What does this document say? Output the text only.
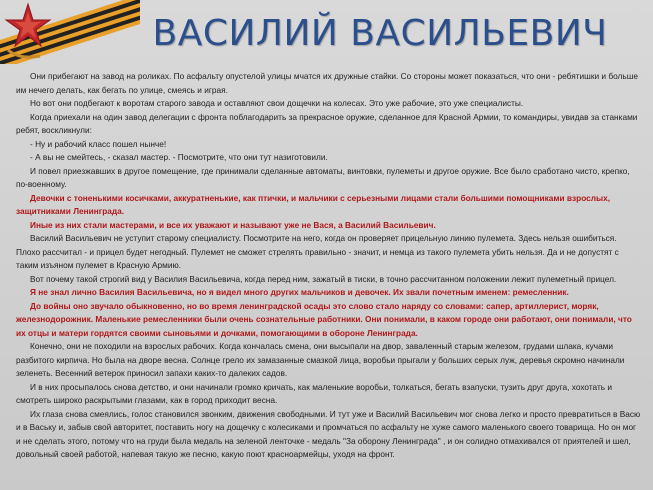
ВАСИЛИЙ ВАСИЛЬЕВИЧ

Они прибегают на завод на роликах. По асфальту опустелой улицы мчатся их дружные стайки. Со стороны может показаться, что они - ребятишки и больше им нечего делать, как бегать по улице, смеясь и играя.

Но вот они подбегают к воротам старого завода и оставляют свои дощечки на колесах. Это уже рабочие, это уже специалисты.

Когда приехали на один завод делегации с фронта поблагодарить за прекрасное оружие, сделанное для Красной Армии, то командиры, увидав за станками ребят, воскликнули:

- Ну и рабочий класс пошел нынче!

- А вы не смейтесь, - сказал мастер. - Посмотрите, что они тут назиготовили.

И повел приезжавших в другое помещение, где принимали сделанные автоматы, винтовки, пулеметы и другое оружие. Все было сработано чисто, крепко, по-военному.

Девочки с тоненькими косичками, аккуратненькие, как птички, и мальчики с серьезными лицами стали большими помощниками взрослых, защитниками Ленинграда.

Иные из них стали мастерами, и все их уважают и называют уже не Вася, а Василий Васильевич.

Василий Васильевич не уступит старому специалисту. Посмотрите на него, когда он проверяет прицельную линию пулемета. Здесь нельзя ошибиться. Плохо рассчитал - и прицел будет негодный. Пулемет не сможет стрелять правильно - значит, и немца из такого пулемета убить нельзя. Да и не допустят с таким изъяном пулемет в Красную Армию.

Вот почему такой строгий вид у Василия Васильевича, когда перед ним, зажатый в тиски, в точно рассчитанном положении лежит пулеметный прицел.

Я не знал лично Василия Васильевича, но я видел много других мальчиков и девочек. Их звали почетным именем: ремесленник.

До войны оно звучало обыкновенно, но во время ленинградской осады это слово стало наряду со словами: сапер, артиллерист, моряк, железнодорожник. Маленькие ремесленники были очень сознательные работники. Они понимали, в каком городе они работают, они понимали, что их отцы и матери гордятся своими сыновьями и дочками, помогающими в обороне Ленинграда.

Конечно, они не походили на взрослых рабочих. Когда кончалась смена, они высыпали на двор, заваленный старым железом, грудами шлака, кучами разбитого кирпича. Но была на дворе весна. Солнце грело их замазанные смазкой лица, воробьи прыгали у больших серых луж, деревья скромно начинали зеленеть. Весенний ветерок приносил запахи каких-то далеких садов.

И в них просыпалось снова детство, и они начинали громко кричать, как маленькие воробьи, толкаться, бегать взапуски, тузить друг друга, хохотать и смотреть широко раскрытыми глазами, как в город приходит весна.

Их глаза снова смеялись, голос становился звонким, движения свободными. И тут уже и Василий Васильевич мог снова легко и просто превратиться в Васю и в Ваську и, забыв свой авторитет, поставить ногу на дощечку с колесиками и промчаться по асфальту не хуже самого маленького своего товарища. Но он мог и не сделать этого, потому что на груди была медаль на зеленой ленточке - медаль "За оборону Ленинграда" , и он солидно отмахивался от приятелей и шел, довольный своей работой, напевая такую же песню, какую поют красноармейцы, уходя на фронт.
